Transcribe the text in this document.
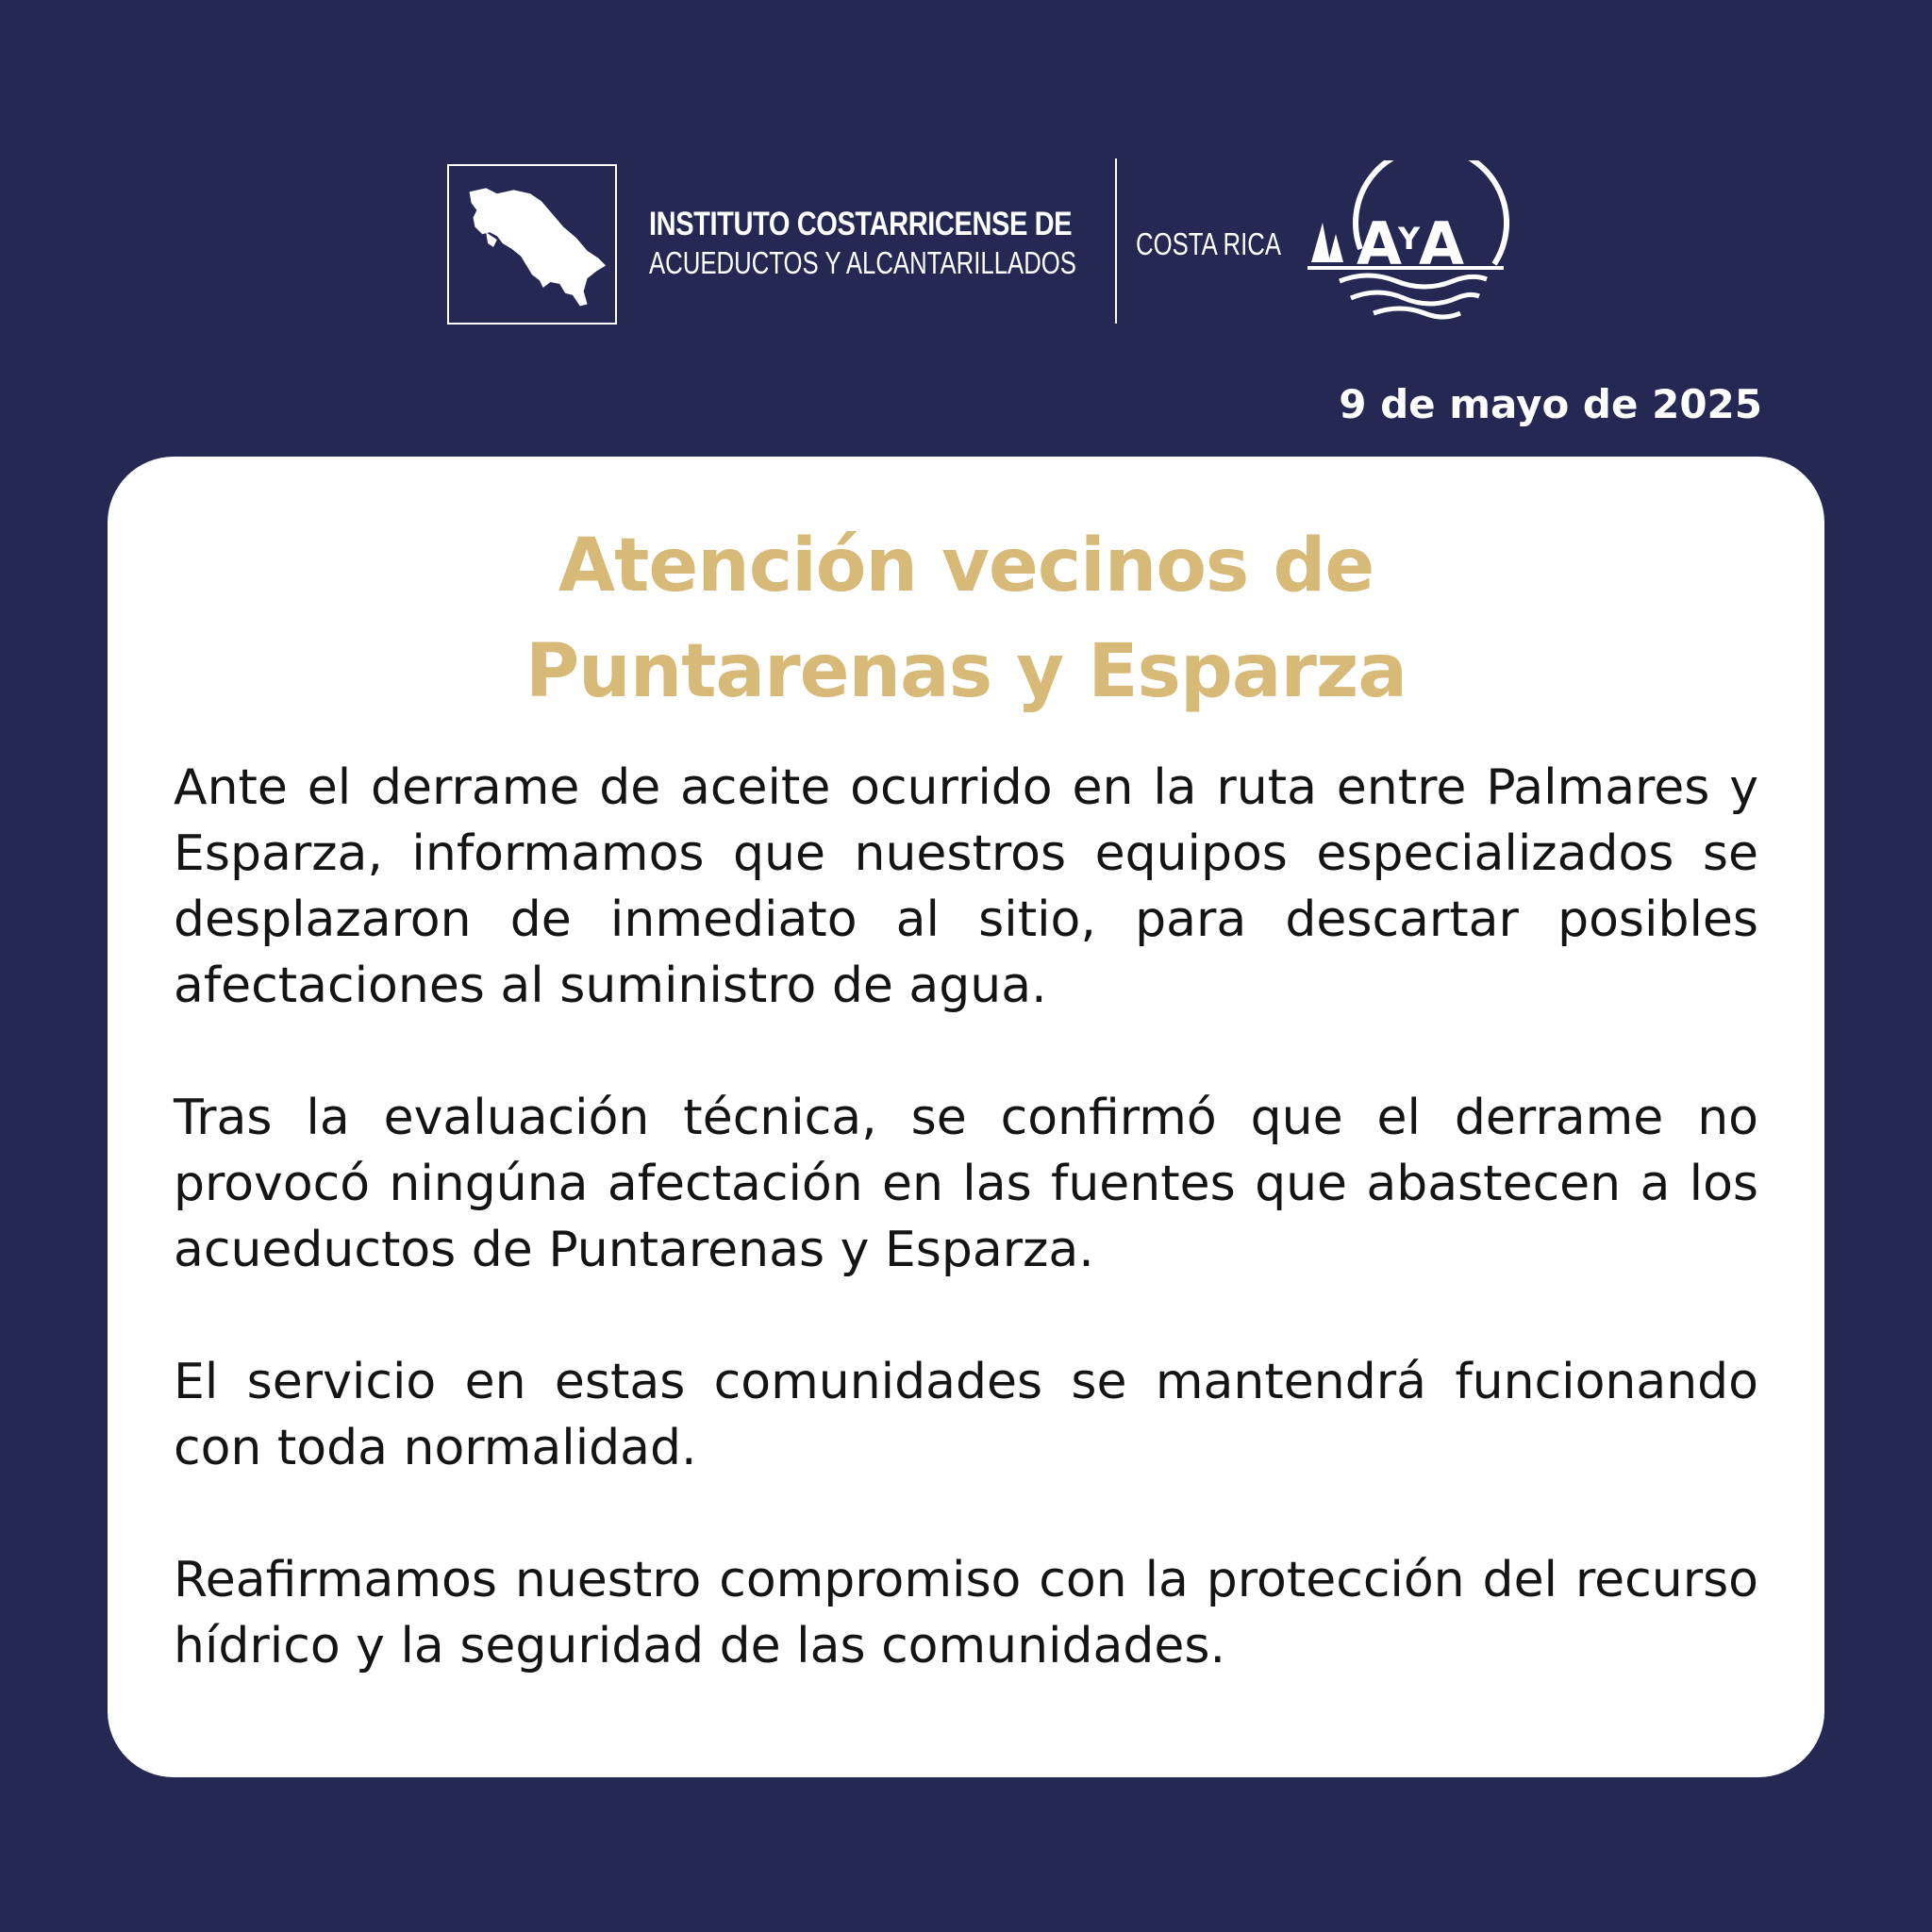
INSTITUTO COSTARRICENSE DE
ACUEDUCTOS Y ALCANTARILLADOS
COSTA RICA A
Y
A
9 de mayo de 2025
Atención vecinos de
Puntarenas y Esparza

Ante el derrame de aceite ocurrido en la ruta entre Palmares y Esparza, informamos que nuestros equipos especializados se desplazaron de inmediato al sitio, para descartar posibles afectaciones al suministro de agua.

Tras la evaluación técnica, se confirmó que el derrame no provocó ningúna afectación en las fuentes que abastecen a los acueductos de Puntarenas y Esparza.

El servicio en estas comunidades se mantendrá funcionando con toda normalidad.

Reafirmamos nuestro compromiso con la protección del recurso hídrico y la seguridad de las comunidades.
